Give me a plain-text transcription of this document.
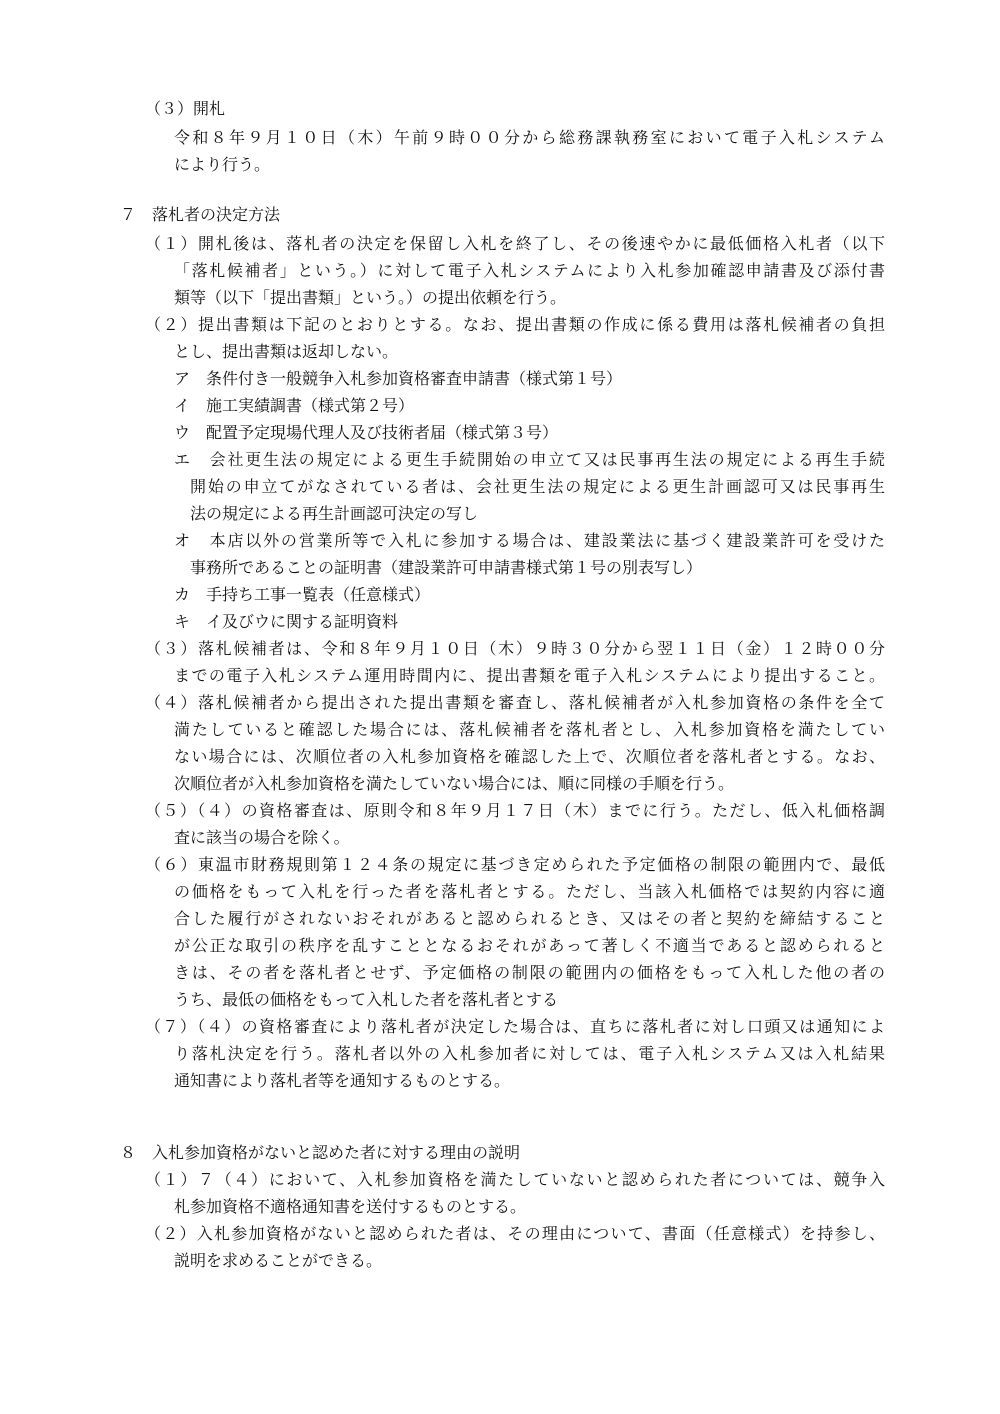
（３）開札
令和８年９月１０日（木）午前９時００分から総務課執務室において電子入札システム
により行う。
７　落札者の決定方法
（１）開札後は、落札者の決定を保留し入札を終了し、その後速やかに最低価格入札者（以下
「落札候補者」という。）に対して電子入札システムにより入札参加確認申請書及び添付書
類等（以下「提出書類」という。）の提出依頼を行う。
（２）提出書類は下記のとおりとする。なお、提出書類の作成に係る費用は落札候補者の負担
とし、提出書類は返却しない。
ア　条件付き一般競争入札参加資格審査申請書（様式第１号）
イ　施工実績調書（様式第２号）
ウ　配置予定現場代理人及び技術者届（様式第３号）
エ　会社更生法の規定による更生手続開始の申立て又は民事再生法の規定による再生手続
開始の申立てがなされている者は、会社更生法の規定による更生計画認可又は民事再生
法の規定による再生計画認可決定の写し
オ　本店以外の営業所等で入札に参加する場合は、建設業法に基づく建設業許可を受けた
事務所であることの証明書（建設業許可申請書様式第１号の別表写し）
カ　手持ち工事一覧表（任意様式）
キ　イ及びウに関する証明資料
（３）落札候補者は、令和８年９月１０日（木）９時３０分から翌１１日（金）１２時００分
までの電子入札システム運用時間内に、提出書類を電子入札システムにより提出すること。
（４）落札候補者から提出された提出書類を審査し、落札候補者が入札参加資格の条件を全て
満たしていると確認した場合には、落札候補者を落札者とし、入札参加資格を満たしてい
ない場合には、次順位者の入札参加資格を確認した上で、次順位者を落札者とする。なお、
次順位者が入札参加資格を満たしていない場合には、順に同様の手順を行う。
（５）（４）の資格審査は、原則令和８年９月１７日（木）までに行う。ただし、低入札価格調
査に該当の場合を除く。
（６）東温市財務規則第１２４条の規定に基づき定められた予定価格の制限の範囲内で、最低
の価格をもって入札を行った者を落札者とする。ただし、当該入札価格では契約内容に適
合した履行がされないおそれがあると認められるとき、又はその者と契約を締結すること
が公正な取引の秩序を乱すこととなるおそれがあって著しく不適当であると認められると
きは、その者を落札者とせず、予定価格の制限の範囲内の価格をもって入札した他の者の
うち、最低の価格をもって入札した者を落札者とする
（７）（４）の資格審査により落札者が決定した場合は、直ちに落札者に対し口頭又は通知によ
り落札決定を行う。落札者以外の入札参加者に対しては、電子入札システム又は入札結果
通知書により落札者等を通知するものとする。
８　入札参加資格がないと認めた者に対する理由の説明
（１）７（４）において、入札参加資格を満たしていないと認められた者については、競争入
札参加資格不適格通知書を送付するものとする。
（２）入札参加資格がないと認められた者は、その理由について、書面（任意様式）を持参し、
説明を求めることができる。
